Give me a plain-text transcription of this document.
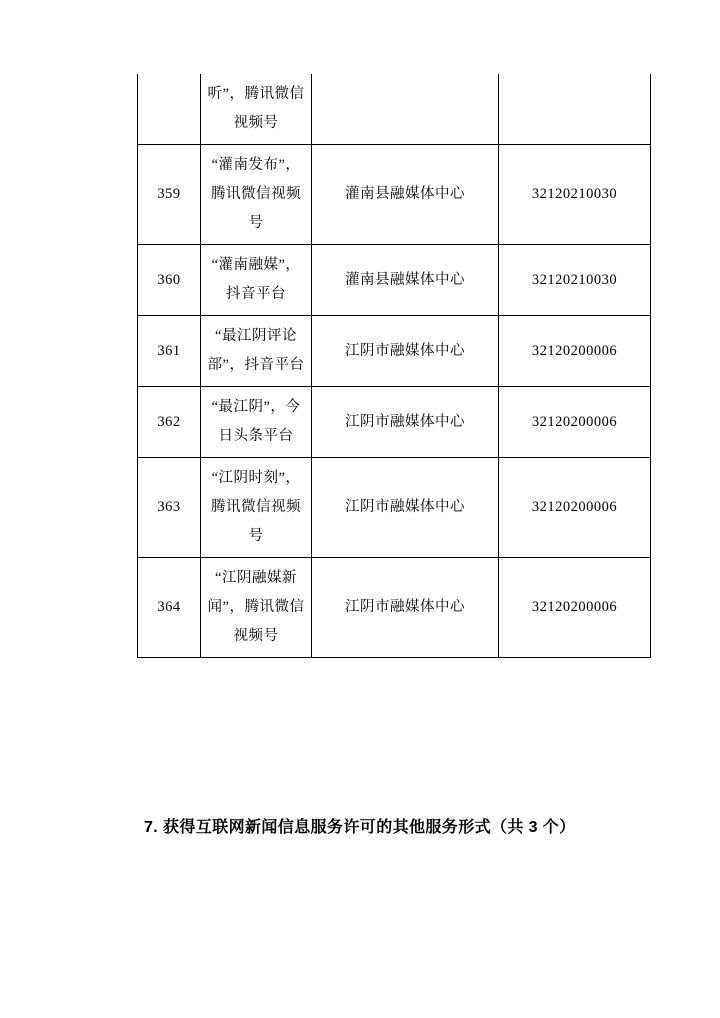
	听”，腾讯微信视频号		
359	“灌南发布”，腾讯微信视频号	灌南县融媒体中心	32120210030
360	“灌南融媒”，抖音平台	灌南县融媒体中心	32120210030
361	“最江阴评论部”，抖音平台	江阴市融媒体中心	32120200006
362	“最江阴”，今日头条平台	江阴市融媒体中心	32120200006
363	“江阴时刻”，腾讯微信视频号	江阴市融媒体中心	32120200006
364	“江阴融媒新闻”，腾讯微信视频号	江阴市融媒体中心	32120200006
7. 获得互联网新闻信息服务许可的其他服务形式（共 3 个）
